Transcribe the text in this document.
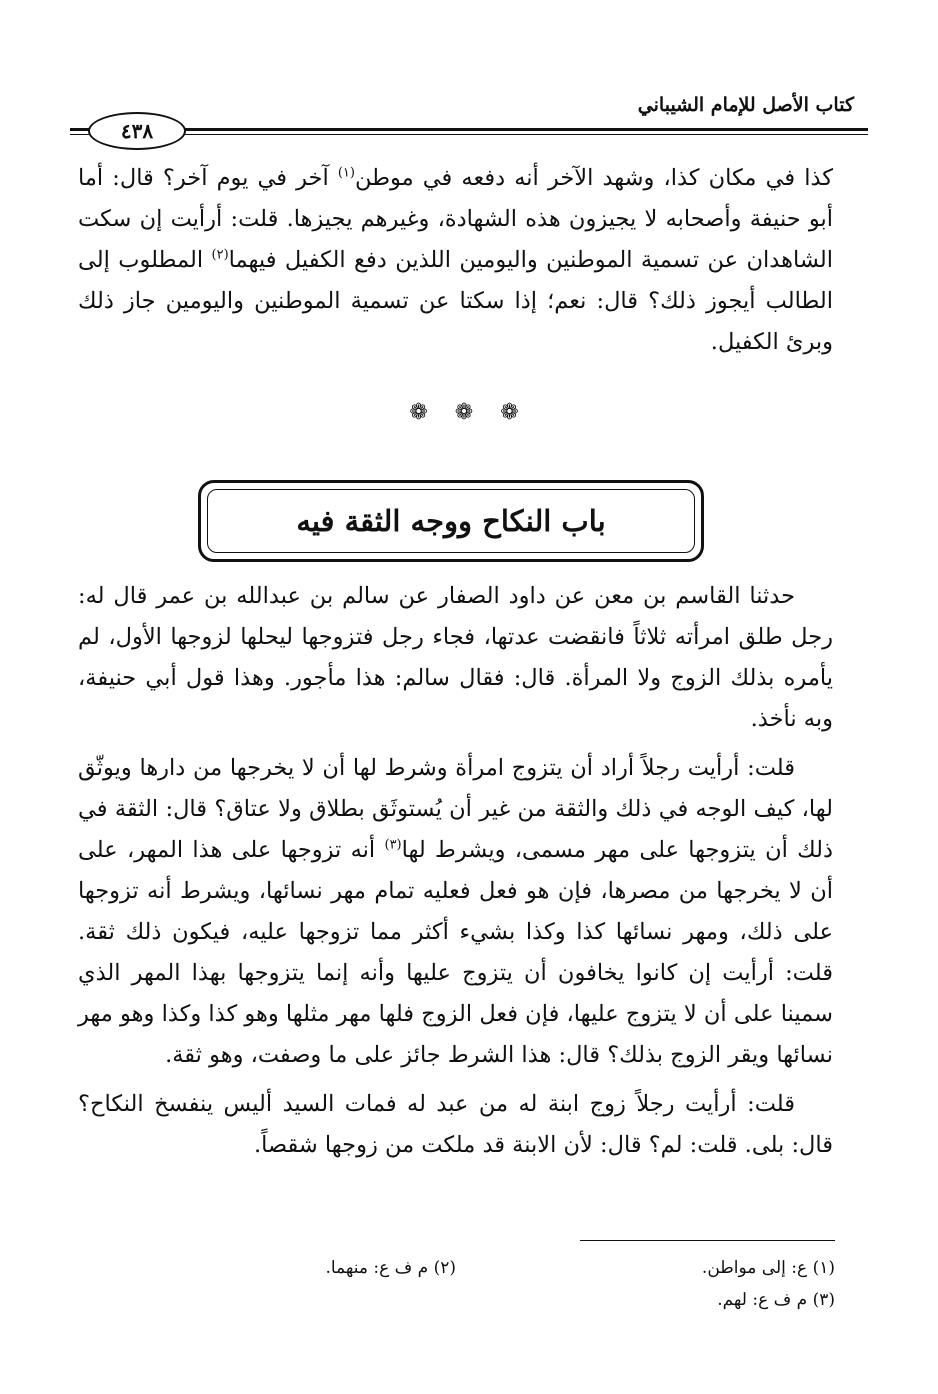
كتاب الأصل للإمام الشيباني
٤٣٨

كذا في مكان كذا، وشهد الآخر أنه دفعه في موطن$^{(١)}$ آخر في يوم آخر؟ قال: أما أبو حنيفة وأصحابه لا يجيزون هذه الشهادة، وغيرهم يجيزها. قلت: أرأيت إن سكت الشاهدان عن تسمية الموطنين واليومين اللذين دفع الكفيل فيهما$^{(٢)}$ المطلوب إلى الطالب أيجوز ذلك؟ قال: نعم؛ إذا سكتا عن تسمية الموطنين واليومين جاز ذلك وبرئ الكفيل.

❁ ❁ ❁
باب النكاح ووجه الثقة فيه

حدثنا القاسم بن معن عن داود الصفار عن سالم بن عبدالله بن عمر قال له: رجل طلق امرأته ثلاثاً فانقضت عدتها، فجاء رجل فتزوجها ليحلها لزوجها الأول، لم يأمره بذلك الزوج ولا المرأة. قال: فقال سالم: هذا مأجور. وهذا قول أبي حنيفة، وبه نأخذ.

قلت: أرأيت رجلاً أراد أن يتزوج امرأة وشرط لها أن لا يخرجها من دارها ويوثّق لها، كيف الوجه في ذلك والثقة من غير أن يُستوثَق بطلاق ولا عتاق؟ قال: الثقة في ذلك أن يتزوجها على مهر مسمى، ويشرط لها$^{(٣)}$ أنه تزوجها على هذا المهر، على أن لا يخرجها من مصرها، فإن هو فعل فعليه تمام مهر نسائها، ويشرط أنه تزوجها على ذلك، ومهر نسائها كذا وكذا بشيء أكثر مما تزوجها عليه، فيكون ذلك ثقة. قلت: أرأيت إن كانوا يخافون أن يتزوج عليها وأنه إنما يتزوجها بهذا المهر الذي سمينا على أن لا يتزوج عليها، فإن فعل الزوج فلها مهر مثلها وهو كذا وكذا وهو مهر نسائها ويقر الزوج بذلك؟ قال: هذا الشرط جائز على ما وصفت، وهو ثقة.

قلت: أرأيت رجلاً زوج ابنة له من عبد له فمات السيد أليس ينفسخ النكاح؟ قال: بلى. قلت: لم؟ قال: لأن الابنة قد ملكت من زوجها شقصاً.

(١) ع: إلى مواطن.
(٢) م ف ع: منهما.
(٣) م ف ع: لهم.
